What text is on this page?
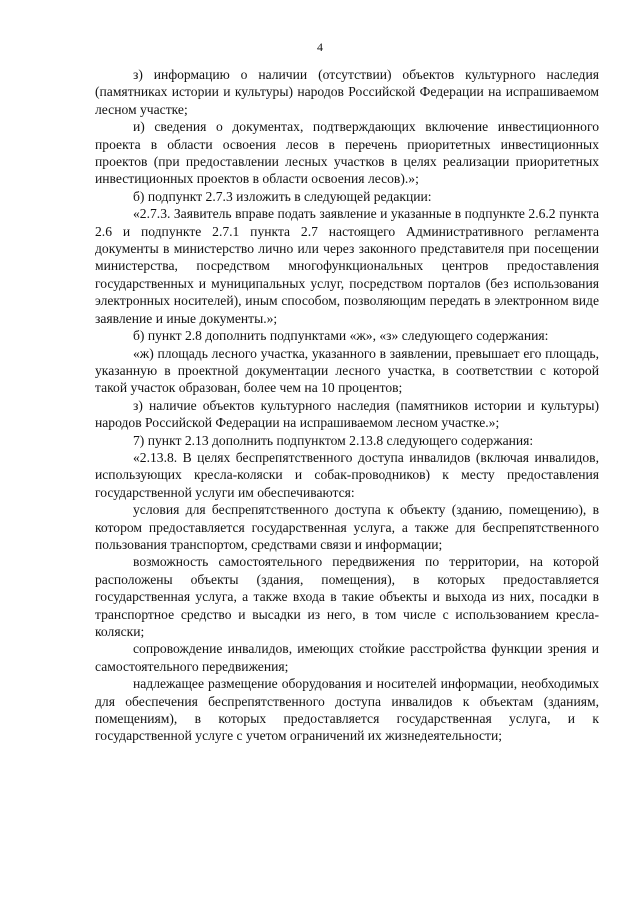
4

з) информацию о наличии (отсутствии) объектов культурного наследия (памятниках истории и культуры) народов Российской Федерации на испрашиваемом лесном участке;

и) сведения о документах, подтверждающих включение инвестиционного проекта в области освоения лесов в перечень приоритетных инвестиционных проектов (при предоставлении лесных участков в целях реализации приоритетных инвестиционных проектов в области освоения лесов).»;

б) подпункт 2.7.3 изложить в следующей редакции:

«2.7.3. Заявитель вправе подать заявление и указанные в подпункте 2.6.2 пункта 2.6 и подпункте 2.7.1 пункта 2.7 настоящего Административного регламента документы в министерство лично или через законного представителя при посещении министерства, посредством многофункциональных центров предоставления государственных и муниципальных услуг, посредством порталов (без использования электронных носителей), иным способом, позволяющим передать в электронном виде заявление и иные документы.»;

б) пункт 2.8 дополнить подпунктами «ж», «з» следующего содержания:

«ж) площадь лесного участка, указанного в заявлении, превышает его площадь, указанную в проектной документации лесного участка, в соответствии с которой такой участок образован, более чем на 10 процентов;

з) наличие объектов культурного наследия (памятников истории и культуры) народов Российской Федерации на испрашиваемом лесном участке.»;

7) пункт 2.13 дополнить подпунктом 2.13.8 следующего содержания:

«2.13.8. В целях беспрепятственного доступа инвалидов (включая инвалидов, использующих кресла-коляски и собак-проводников) к месту предоставления государственной услуги им обеспечиваются:

условия для беспрепятственного доступа к объекту (зданию, помещению), в котором предоставляется государственная услуга, а также для беспрепятственного пользования транспортом, средствами связи и информации;

возможность самостоятельного передвижения по территории, на которой расположены объекты (здания, помещения), в которых предоставляется государственная услуга, а также входа в такие объекты и выхода из них, посадки в транспортное средство и высадки из него, в том числе с использованием кресла-коляски;

сопровождение инвалидов, имеющих стойкие расстройства функции зрения и самостоятельного передвижения;

надлежащее размещение оборудования и носителей информации, необходимых для обеспечения беспрепятственного доступа инвалидов к объектам (зданиям, помещениям), в которых предоставляется государственная услуга, и к государственной услуге с учетом ограничений их жизнедеятельности;
